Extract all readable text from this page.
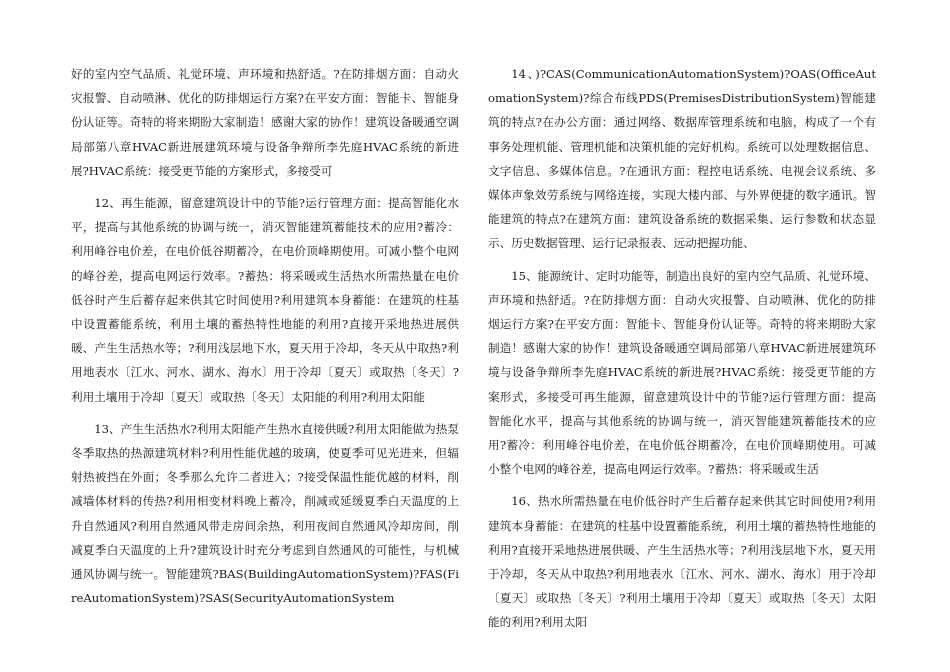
好的室内空气品质、礼觉环境、声环境和热舒适。?在防排烟方面：自动火灾报警、自动喷淋、优化的防排烟运行方案?在平安方面：智能卡、智能身份认证等。奇特的将来期盼大家制造！感谢大家的协作！建筑设备暖通空调局部第八章HVAC新进展建筑环境与设备争辩所李先庭HVAC系统的新进展?HVAC系统：接受更节能的方案形式，多接受可

12、再生能源，留意建筑设计中的节能?运行管理方面：提高智能化水平，提高与其他系统的协调与统一，消灭智能建筑蓄能技术的应用?蓄冷：利用峰谷电价差，在电价低谷期蓄冷，在电价顶峰期使用。可减小整个电网的峰谷差，提高电网运行效率。?蓄热：将采暖或生活热水所需热量在电价低谷时产生后蓄存起来供其它时间使用?利用建筑本身蓄能：在建筑的柱基中设置蓄能系统，利用土壤的蓄热特性地能的利用?直接开采地热进展供暖、产生生活热水等；?利用浅层地下水，夏天用于冷却，冬天从中取热?利用地表水〔江水、河水、湖水、海水〕用于冷却〔夏天〕或取热〔冬天〕?利用土壤用于冷却〔夏天〕或取热〔冬天〕太阳能的利用?利用太阳能

13、产生生活热水?利用太阳能产生热水直接供暖?利用太阳能做为热泵冬季取热的热源建筑材料?利用性能优越的玻璃，使夏季可见光进来，但辐射热被挡在外面；冬季那么允许二者进入；?接受保温性能优越的材料，削减墙体材料的传热?利用相变材料晚上蓄冷，削减或延缓夏季白天温度的上升自然通风?利用自然通风带走房间余热，利用夜间自然通风冷却房间，削减夏季白天温度的上升?建筑设计时充分考虑到自然通风的可能性，与机械通风协调与统一。智能建筑?BAS(BuildingAutomationSystem)?FAS(FireAutomationSystem)?SAS(SecurityAutomationSystem

14、)?CAS(CommunicationAutomationSystem)?OAS(OfficeAutomationSystem)?综合布线PDS(PremisesDistributionSystem)智能建筑的特点?在办公方面：通过网络、数据库管理系统和电脑，构成了一个有事务处理机能、管理机能和决策机能的完好机构。系统可以处理数据信息、文字信息、多媒体信息。?在通讯方面：程控电话系统、电视会议系统、多媒体声象效劳系统与网络连接，实现大楼内部、与外界便捷的数字通讯。智能建筑的特点?在建筑方面：建筑设备系统的数据采集、运行参数和状态显示、历史数据管理、运行记录报表、远动把握功能、

15、能源统计、定时功能等，制造出良好的室内空气品质、礼觉环境、声环境和热舒适。?在防排烟方面：自动火灾报警、自动喷淋、优化的防排烟运行方案?在平安方面：智能卡、智能身份认证等。奇特的将来期盼大家制造！感谢大家的协作！建筑设备暖通空调局部第八章HVAC新进展建筑环境与设备争辩所李先庭HVAC系统的新进展?HVAC系统：接受更节能的方案形式，多接受可再生能源，留意建筑设计中的节能?运行管理方面：提高智能化水平，提高与其他系统的协调与统一，消灭智能建筑蓄能技术的应用?蓄冷：利用峰谷电价差，在电价低谷期蓄冷，在电价顶峰期使用。可减小整个电网的峰谷差，提高电网运行效率。?蓄热：将采暖或生活

16、热水所需热量在电价低谷时产生后蓄存起来供其它时间使用?利用建筑本身蓄能：在建筑的柱基中设置蓄能系统，利用土壤的蓄热特性地能的利用?直接开采地热进展供暖、产生生活热水等；?利用浅层地下水，夏天用于冷却，冬天从中取热?利用地表水〔江水、河水、湖水、海水〕用于冷却〔夏天〕或取热〔冬天〕?利用土壤用于冷却〔夏天〕或取热〔冬天〕太阳能的利用?利用太阳
